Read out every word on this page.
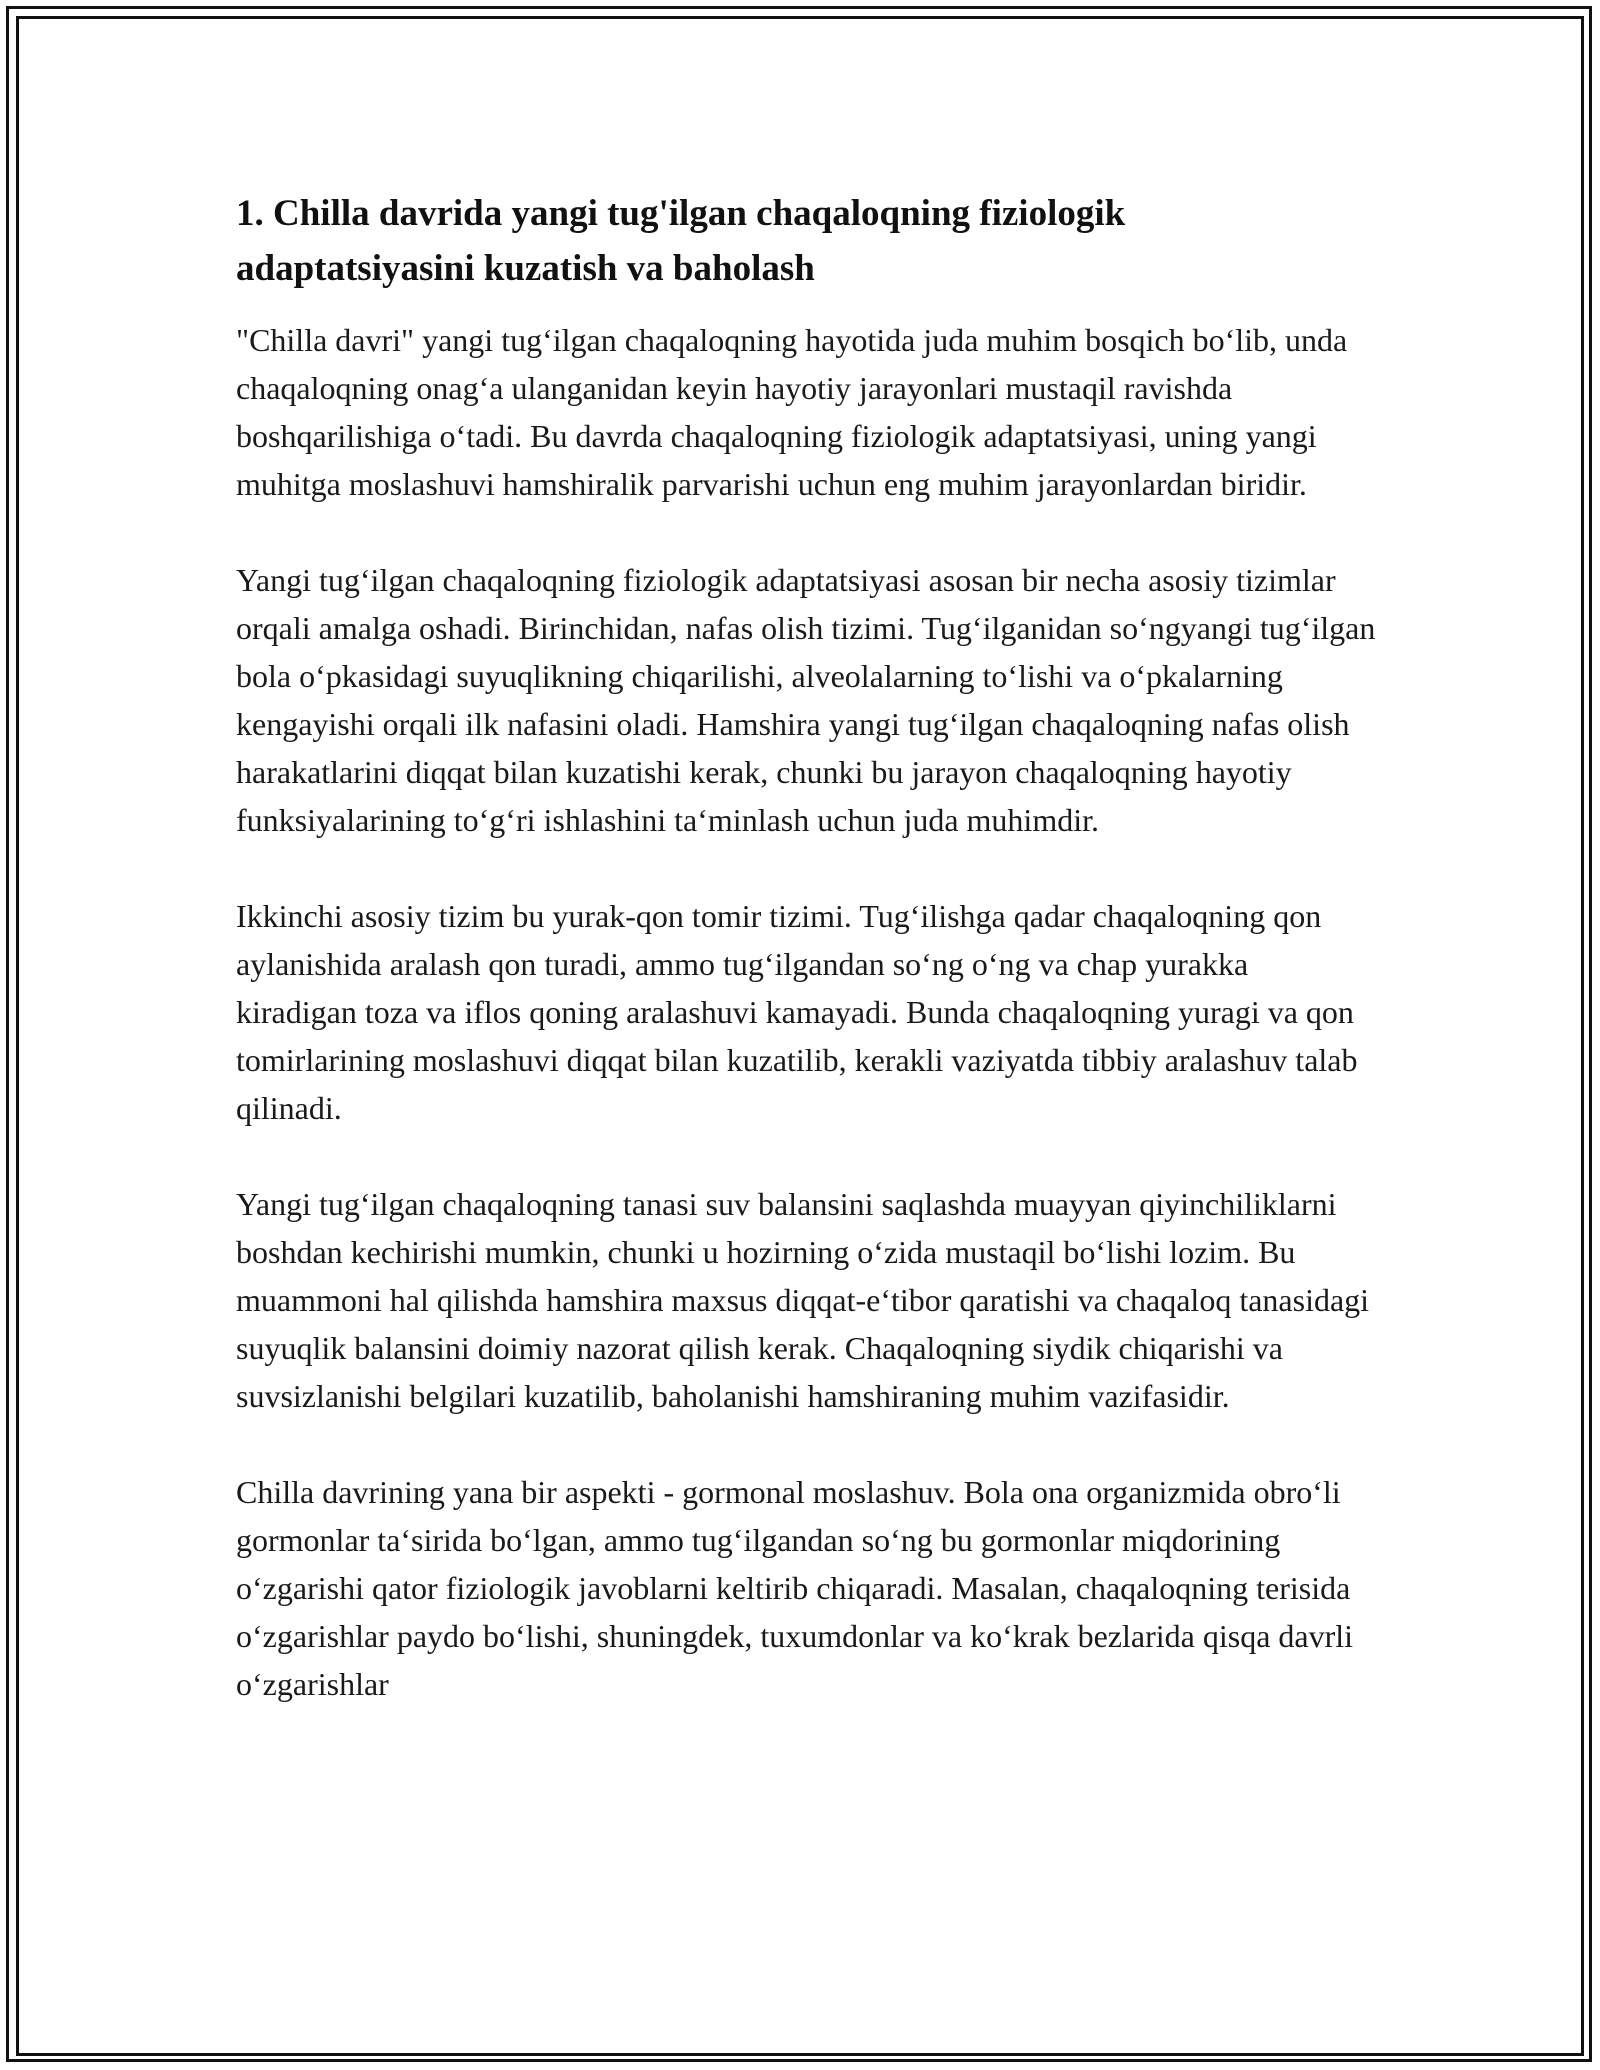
1. Chilla davrida yangi tug'ilgan chaqaloqning fiziologik
adaptatsiyasini kuzatish va baholash

"Chilla davri" yangi tug‘ilgan chaqaloqning hayotida juda muhim bosqich bo‘lib, unda chaqaloqning onag‘a ulanganidan keyin hayotiy jarayonlari mustaqil ravishda boshqarilishiga o‘tadi. Bu davrda chaqaloqning fiziologik adaptatsiyasi, uning yangi muhitga moslashuvi hamshiralik parvarishi uchun eng muhim jarayonlardan biridir.

Yangi tug‘ilgan chaqaloqning fiziologik adaptatsiyasi asosan bir necha asosiy tizimlar orqali amalga oshadi. Birinchidan, nafas olish tizimi. Tug‘ilganidan so‘ngyangi tug‘ilgan bola o‘pkasidagi suyuqlikning chiqarilishi, alveolalarning to‘lishi va o‘pkalarning kengayishi orqali ilk nafasini oladi. Hamshira yangi tug‘ilgan chaqaloqning nafas olish harakatlarini diqqat bilan kuzatishi kerak, chunki bu jarayon chaqaloqning hayotiy funksiyalarining to‘g‘ri ishlashini ta‘minlash uchun juda muhimdir.

Ikkinchi asosiy tizim bu yurak-qon tomir tizimi. Tug‘ilishga qadar chaqaloqning qon aylanishida aralash qon turadi, ammo tug‘ilgandan so‘ng o‘ng va chap yurakka kiradigan toza va iflos qoning aralashuvi kamayadi. Bunda chaqaloqning yuragi va qon tomirlarining moslashuvi diqqat bilan kuzatilib, kerakli vaziyatda tibbiy aralashuv talab qilinadi.

Yangi tug‘ilgan chaqaloqning tanasi suv balansini saqlashda muayyan qiyinchiliklarni boshdan kechirishi mumkin, chunki u hozirning o‘zida mustaqil bo‘lishi lozim. Bu muammoni hal qilishda hamshira maxsus diqqat-e‘tibor qaratishi va chaqaloq tanasidagi suyuqlik balansini doimiy nazorat qilish kerak. Chaqaloqning siydik chiqarishi va suvsizlanishi belgilari kuzatilib, baholanishi hamshiraning muhim vazifasidir.

Chilla davrining yana bir aspekti - gormonal moslashuv. Bola ona organizmida obro‘li gormonlar ta‘sirida bo‘lgan, ammo tug‘ilgandan so‘ng bu gormonlar miqdorining o‘zgarishi qator fiziologik javoblarni keltirib chiqaradi. Masalan, chaqaloqning terisida o‘zgarishlar paydo bo‘lishi, shuningdek, tuxumdonlar va ko‘krak bezlarida qisqa davrli o‘zgarishlar
